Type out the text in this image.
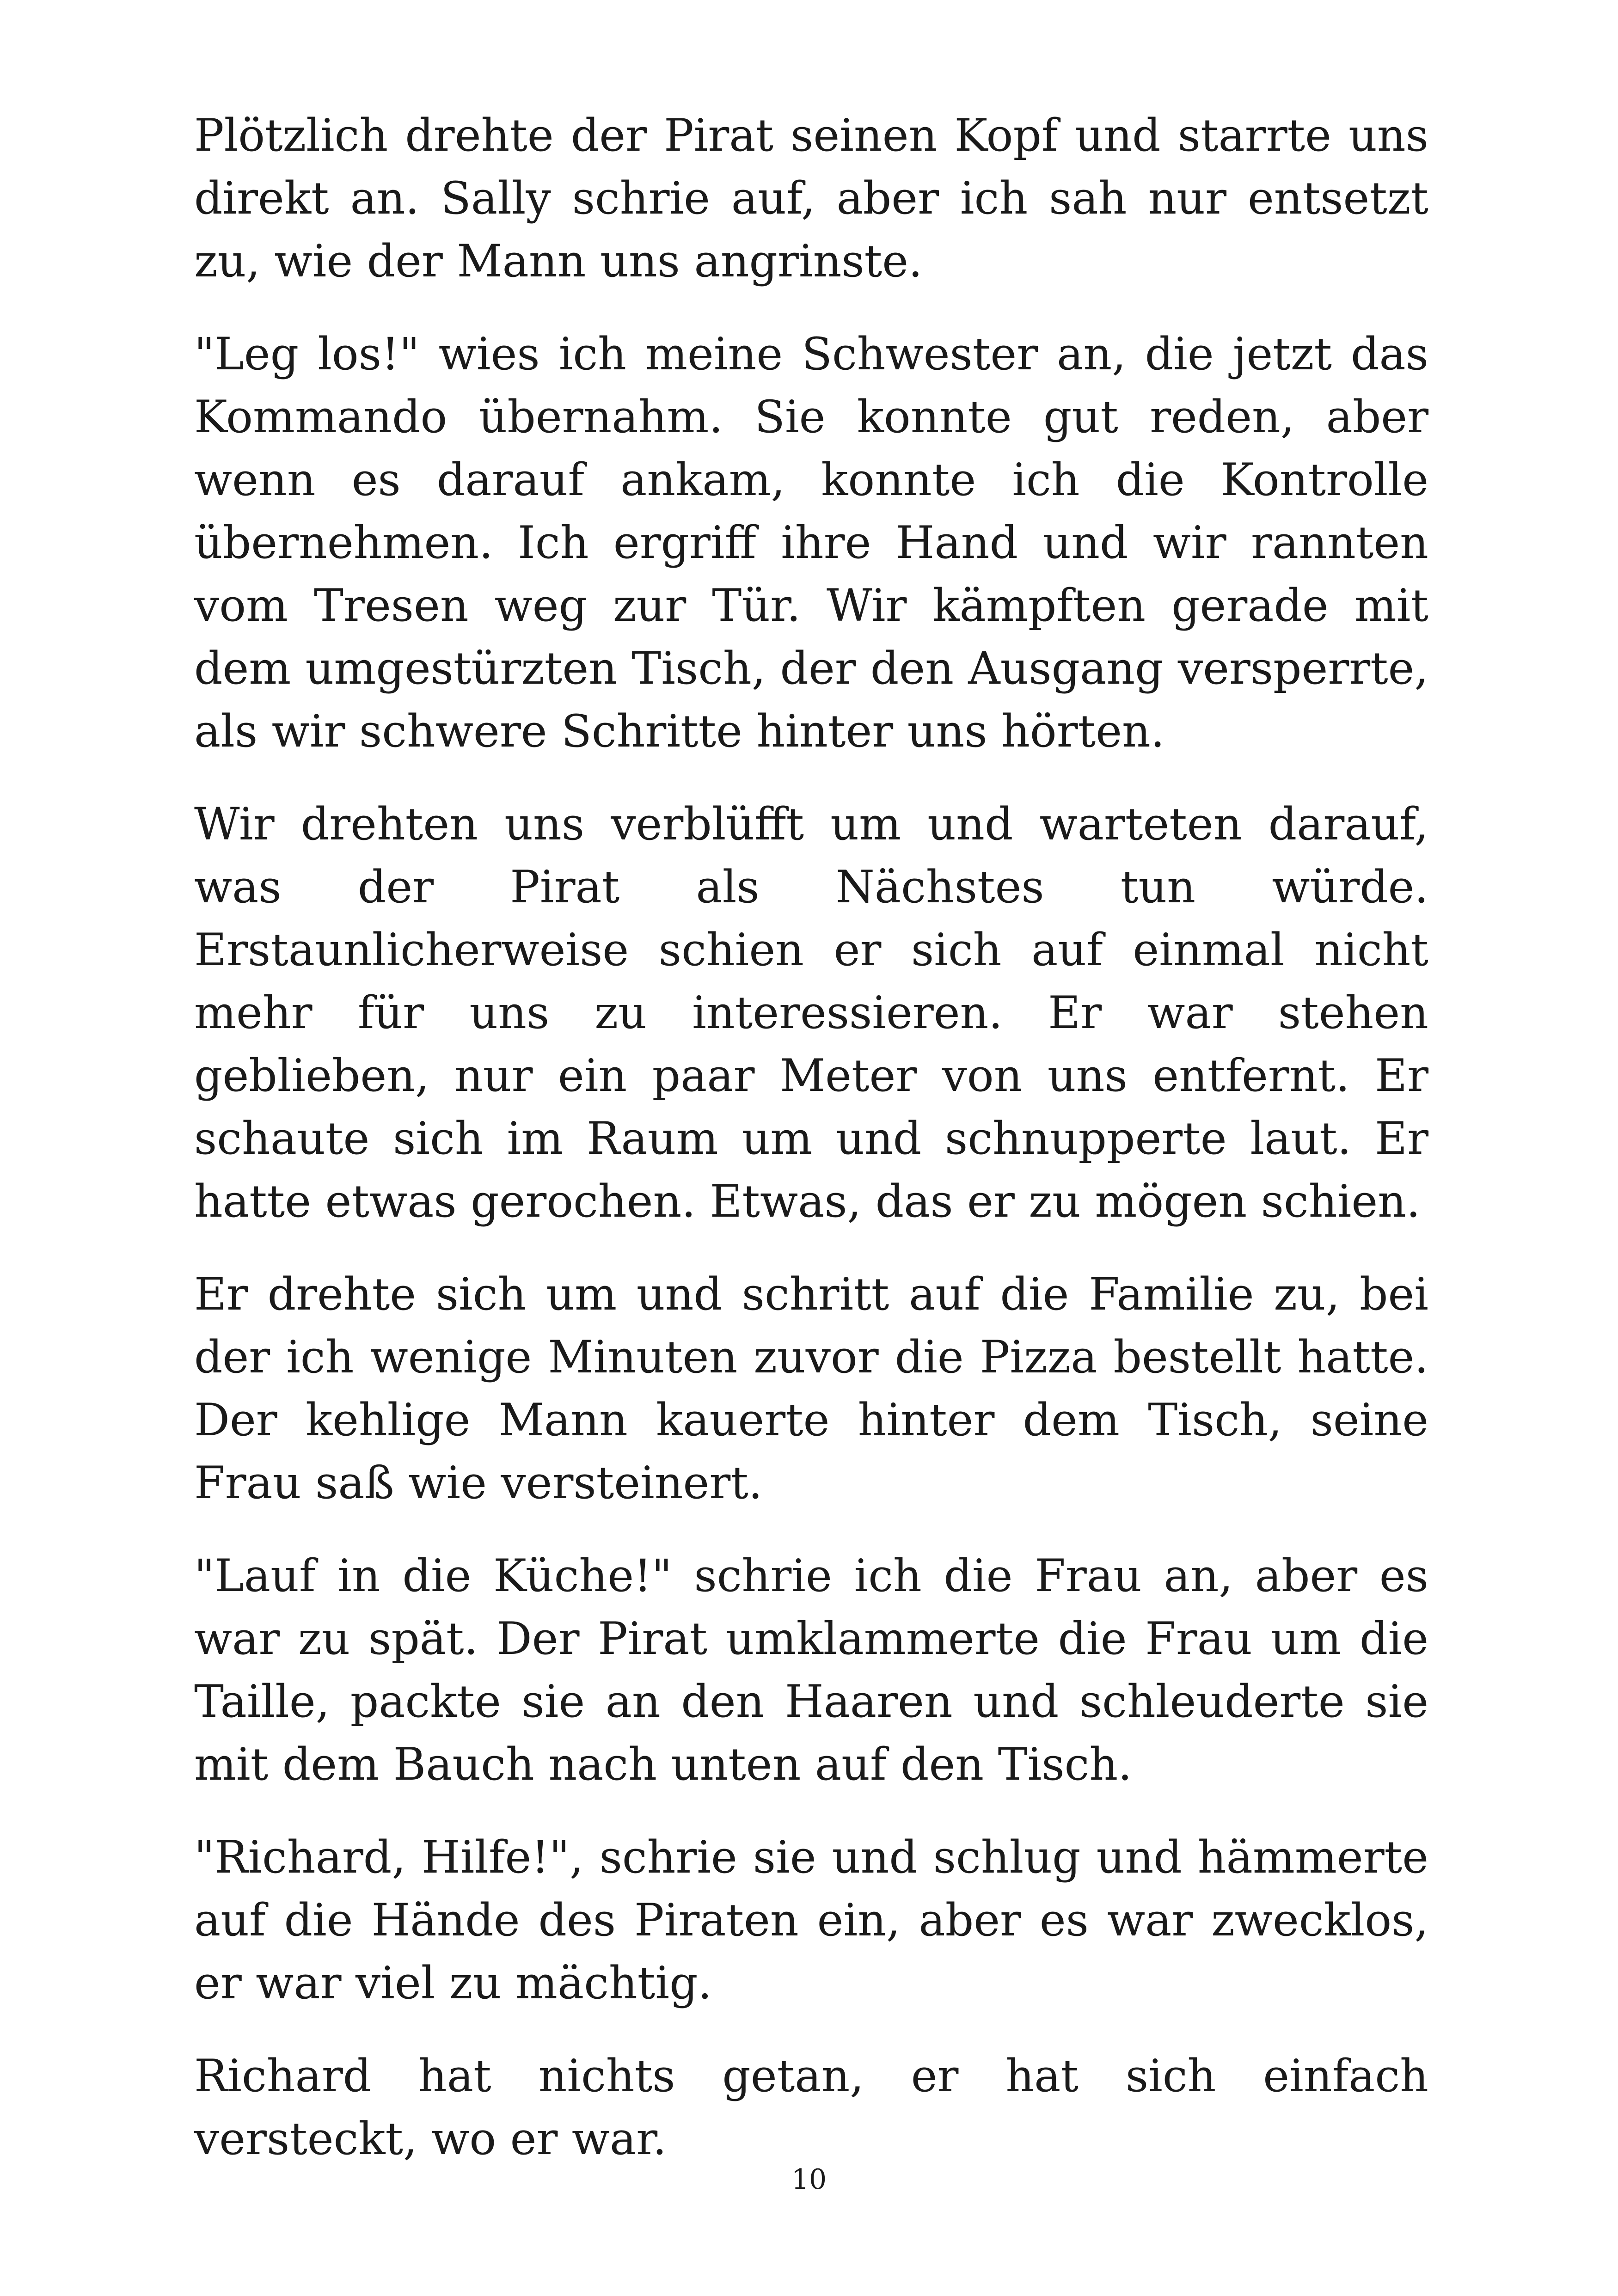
Plötzlich drehte der Pirat seinen Kopf und starrte uns direkt an. Sally schrie auf, aber ich sah nur entsetzt zu, wie der Mann uns angrinste.

"Leg los!" wies ich meine Schwester an, die jetzt das Kommando übernahm. Sie konnte gut reden, aber wenn es darauf ankam, konnte ich die Kontrolle übernehmen. Ich ergriff ihre Hand und wir rannten vom Tresen weg zur Tür. Wir kämpften gerade mit dem umgestürzten Tisch, der den Ausgang versperrte, als wir schwere Schritte hinter uns hörten.

Wir drehten uns verblüfft um und warteten darauf, was der Pirat als Nächstes tun würde. Erstaunlicherweise schien er sich auf einmal nicht mehr für uns zu interessieren. Er war stehen geblieben, nur ein paar Meter von uns entfernt. Er schaute sich im Raum um und schnupperte laut. Er hatte etwas gerochen. Etwas, das er zu mögen schien.

Er drehte sich um und schritt auf die Familie zu, bei der ich wenige Minuten zuvor die Pizza bestellt hatte. Der kehlige Mann kauerte hinter dem Tisch, seine Frau saß wie versteinert.

"Lauf in die Küche!" schrie ich die Frau an, aber es war zu spät. Der Pirat umklammerte die Frau um die Taille, packte sie an den Haaren und schleuderte sie mit dem Bauch nach unten auf den Tisch.

"Richard, Hilfe!", schrie sie und schlug und hämmerte auf die Hände des Piraten ein, aber es war zwecklos, er war viel zu mächtig.

Richard hat nichts getan, er hat sich einfach versteckt, wo er war.

10
